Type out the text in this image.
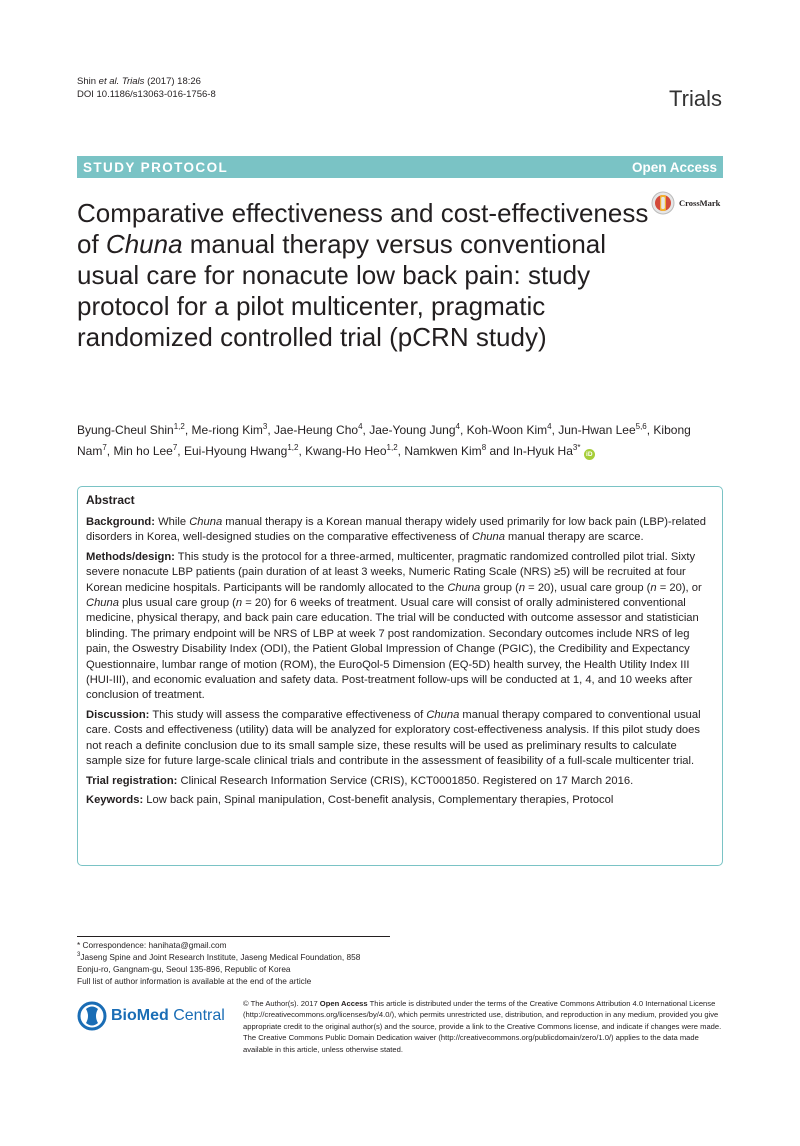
Shin et al. Trials (2017) 18:26
DOI 10.1186/s13063-016-1756-8	Trials
STUDY PROTOCOL	Open Access
CrossMark
Comparative effectiveness and cost-effectiveness of Chuna manual therapy versus conventional usual care for nonacute low back pain: study protocol for a pilot multicenter, pragmatic randomized controlled trial (pCRN study)
Byung-Cheul Shin$^{1,2}$, Me-riong Kim$^3$, Jae-Heung Cho$^4$, Jae-Young Jung$^4$, Koh-Woon Kim$^4$, Jun-Hwan Lee$^{5,6}$, Kibong Nam$^7$, Min ho Lee$^7$, Eui-Hyoung Hwang$^{1,2}$, Kwang-Ho Heo$^{1,2}$, Namkwen Kim$^8$ and In-Hyuk $Ha^{3*}$ iD

Abstract

Background: While Chuna manual therapy is a Korean manual therapy widely used primarily for low back pain (LBP)-related disorders in Korea, well-designed studies on the comparative effectiveness of Chuna manual therapy are scarce.

Methods/design: This study is the protocol for a three-armed, multicenter, pragmatic randomized controlled pilot trial. Sixty severe nonacute LBP patients (pain duration of at least 3 weeks, Numeric Rating Scale (NRS) ≥5) will be recruited at four Korean medicine hospitals. Participants will be randomly allocated to the Chuna group (n = 20), usual care group (n = 20), or Chuna plus usual care group (n = 20) for 6 weeks of treatment. Usual care will consist of orally administered conventional medicine, physical therapy, and back pain care education. The trial will be conducted with outcome assessor and statistician blinding. The primary endpoint will be NRS of LBP at week 7 post randomization. Secondary outcomes include NRS of leg pain, the Oswestry Disability Index (ODI), the Patient Global Impression of Change (PGIC), the Credibility and Expectancy Questionnaire, lumbar range of motion (ROM), the EuroQol-5 Dimension (EQ-5D) health survey, the Health Utility Index III (HUI-III), and economic evaluation and safety data. Post-treatment follow-ups will be conducted at 1, 4, and 10 weeks after conclusion of treatment.

Discussion: This study will assess the comparative effectiveness of Chuna manual therapy compared to conventional usual care. Costs and effectiveness (utility) data will be analyzed for exploratory cost-effectiveness analysis. If this pilot study does not reach a definite conclusion due to its small sample size, these results will be used as preliminary results to calculate sample size for future large-scale clinical trials and contribute in the assessment of feasibility of a full-scale multicenter trial.

Trial registration: Clinical Research Information Service (CRIS), KCT0001850. Registered on 17 March 2016.

Keywords: Low back pain, Spinal manipulation, Cost-benefit analysis, Complementary therapies, Protocol

* Correspondence: hanihata@gmail.com
$^3$Jaseng Spine and Joint Research Institute, Jaseng Medical Foundation, 858
Eonju-ro, Gangnam-gu, Seoul 135-896, Republic of Korea
Full list of author information is available at the end of the article
BioMed Central
© The Author(s). 2017 Open Access This article is distributed under the terms of the Creative Commons Attribution 4.0 International License (http://creativecommons.org/licenses/by/4.0/), which permits unrestricted use, distribution, and reproduction in any medium, provided you give appropriate credit to the original author(s) and the source, provide a link to the Creative Commons license, and indicate if changes were made. The Creative Commons Public Domain Dedication waiver (http://creativecommons.org/publicdomain/zero/1.0/) applies to the data made available in this article, unless otherwise stated.
